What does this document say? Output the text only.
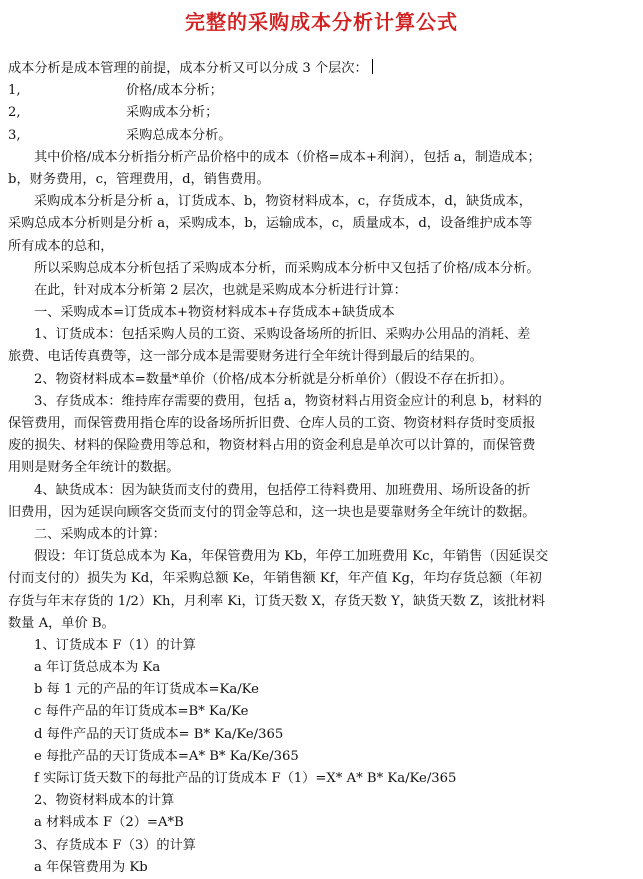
完整的采购成本分析计算公式
成本分析是成本管理的前提，成本分析又可以分成 3 个层次：
1,	价格/成本分析；
2,	采购成本分析；
3,	采购总成本分析。
其中价格/成本分析指分析产品价格中的成本（价格=成本+利润），包括 a，制造成本；
b，财务费用，c，管理费用，d，销售费用。
采购成本分析是分析 a，订货成本、b，物资材料成本，c，存货成本，d，缺货成本，
采购总成本分析则是分析 a，采购成本，b，运输成本，c，质量成本，d，设备维护成本等
所有成本的总和，
所以采购总成本分析包括了采购成本分析，而采购成本分析中又包括了价格/成本分析。
在此，针对成本分析第 2 层次，也就是采购成本分析进行计算：
一、采购成本=订货成本+物资材料成本+存货成本+缺货成本
1、订货成本：包括采购人员的工资、采购设备场所的折旧、采购办公用品的消耗、差
旅费、电话传真费等，这一部分成本是需要财务进行全年统计得到最后的结果的。
2、物资材料成本=数量*单价（价格/成本分析就是分析单价）（假设不存在折扣）。
3、存货成本：维持库存需要的费用，包括 a，物资材料占用资金应计的利息 b，材料的
保管费用，而保管费用指仓库的设备场所折旧费、仓库人员的工资、物资材料存货时变质报
废的损失、材料的保险费用等总和，物资材料占用的资金利息是单次可以计算的，而保管费
用则是财务全年统计的数据。
4、缺货成本：因为缺货而支付的费用，包括停工待料费用、加班费用、场所设备的折
旧费用，因为延误向顾客交货而支付的罚金等总和，这一块也是要靠财务全年统计的数据。
二、采购成本的计算：
假设：年订货总成本为 Ka，年保管费用为 Kb，年停工加班费用 Kc，年销售（因延误交
付而支付的）损失为 Kd，年采购总额 Ke，年销售额 Kf，年产值 Kg，年均存货总额（年初
存货与年末存货的 1/2）Kh，月利率 Ki，订货天数 X，存货天数 Y，缺货天数 Z，该批材料
数量 A，单价 B。
1、订货成本 F（1）的计算
a 年订货总成本为 Ka
b 每 1 元的产品的年订货成本=Ka/Ke
c 每件产品的年订货成本=B* Ka/Ke
d 每件产品的天订货成本= B* Ka/Ke/365
e 每批产品的天订货成本=A* B* Ka/Ke/365
f 实际订货天数下的每批产品的订货成本 F（1）=X* A* B* Ka/Ke/365
2、物资材料成本的计算
a 材料成本 F（2）=A*B
3、存货成本 F（3）的计算
a 年保管费用为 Kb
